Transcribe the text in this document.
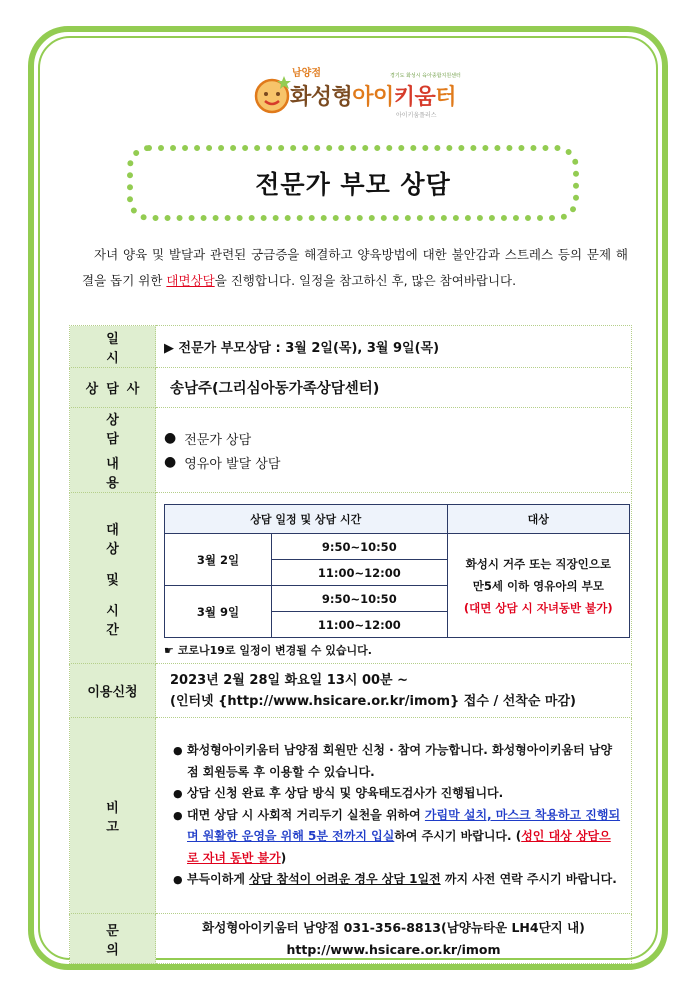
남양점	경기도 화성시 육아종합지원센터
화성형아이키움터
아이키움플러스
전문가 부모 상담

자녀 양육 및 발달과 관련된 궁금증을 해결하고 양육방법에 대한 불안감과 스트레스 등의 문제 해결을 돕기 위한 대면상담을 진행합니다. 일정을 참고하신 후, 많은 참여바랍니다.

일 시
	▶ 전문가 부모상담 : 3월 2일(목), 3월 9일(목)

상담사	송남주(그리심아동가족상담센터)

상 담
내 용

● 전문가 상담
● 영유아 발달 상담

대 상
및
시 간

상담 일정 및 상담 시간	대상
3월 2일	9:50~10:50	
화성시 거주 또는 직장인으로
만5세 이하 영유아의 부모
(대면 상담 시 자녀동반 불가)

11:00~12:00
3월 9일	9:50~10:50
11:00~12:00
☛ 코로나19로 일정이 변경될 수 있습니다.

이용신청	
2023년 2월 28일 화요일 13시 00분 ~
(인터넷 {http://www.hsicare.or.kr/imom} 접수 / 선착순 마감)

비 고

● 화성형아이키움터 남양점 회원만 신청 · 참여 가능합니다. 화성형아이키움터 남양점 회원등록 후 이용할 수 있습니다.
● 상담 신청 완료 후 상담 방식 및 양육태도검사가 진행됩니다.
● 대면 상담 시 사회적 거리두기 실천을 위하여 가림막 설치, 마스크 착용하고 진행되며 원활한 운영을 위해 5분 전까지 입실하여 주시기 바랍니다. (성인 대상 상담으로 자녀 동반 불가)
● 부득이하게 상담 참석이 어려운 경우 상담 1일전 까지 사전 연락 주시기 바랍니다.

문 의

화성형아이키움터 남양점 031-356-8813(남양뉴타운 LH4단지 내)
http://www.hsicare.or.kr/imom
